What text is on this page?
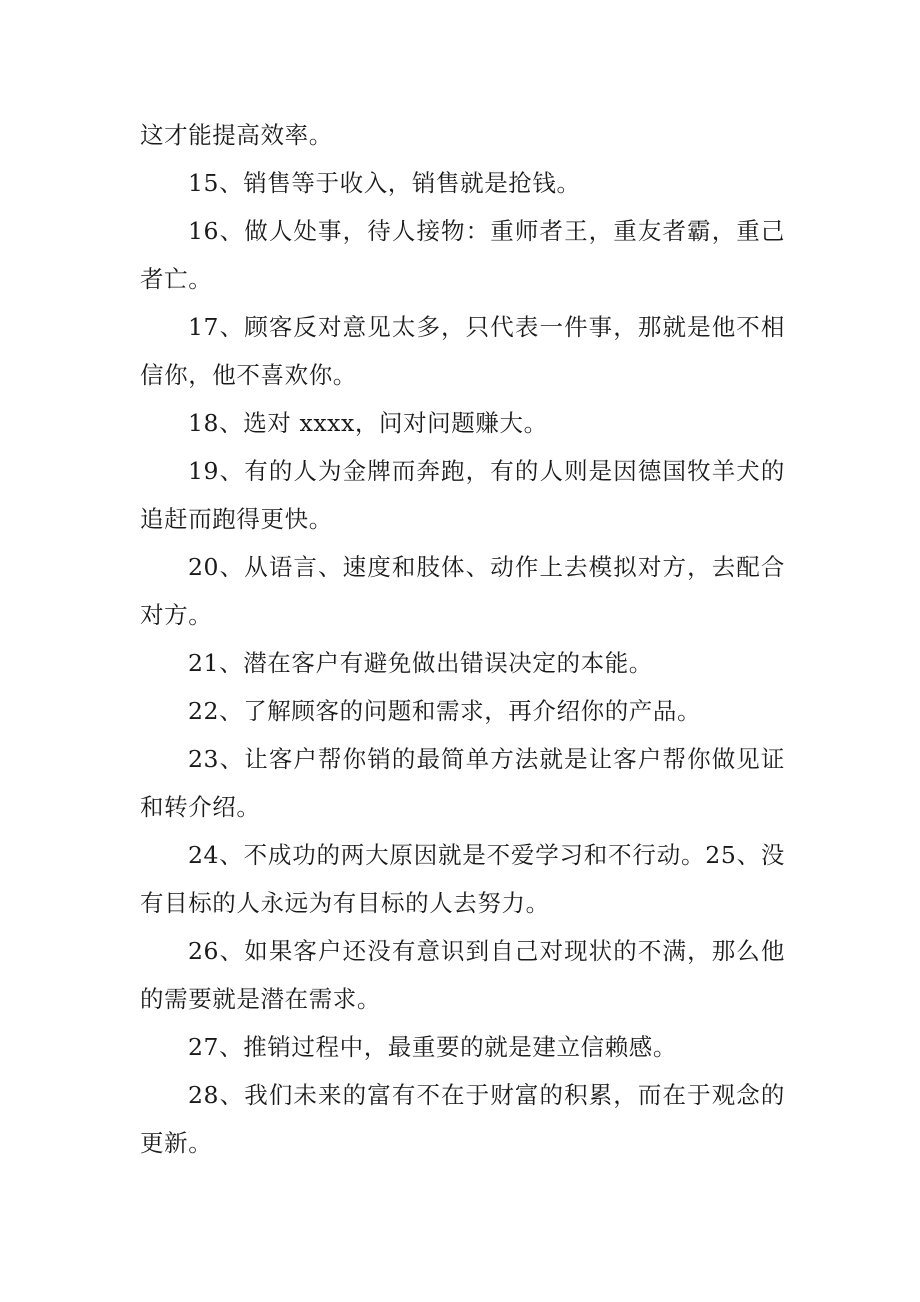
这才能提高效率。

15、销售等于收入，销售就是抢钱。

16、做人处事，待人接物：重师者王，重友者霸，重己者亡。

17、顾客反对意见太多，只代表一件事，那就是他不相信你，他不喜欢你。

18、选对 xxxx，问对问题赚大。

19、有的人为金牌而奔跑，有的人则是因德国牧羊犬的追赶而跑得更快。

20、从语言、速度和肢体、动作上去模拟对方，去配合对方。

21、潜在客户有避免做出错误决定的本能。

22、了解顾客的问题和需求，再介绍你的产品。

23、让客户帮你销的最简单方法就是让客户帮你做见证和转介绍。

24、不成功的两大原因就是不爱学习和不行动。25、没有目标的人永远为有目标的人去努力。

26、如果客户还没有意识到自己对现状的不满，那么他的需要就是潜在需求。

27、推销过程中，最重要的就是建立信赖感。

28、我们未来的富有不在于财富的积累，而在于观念的更新。
